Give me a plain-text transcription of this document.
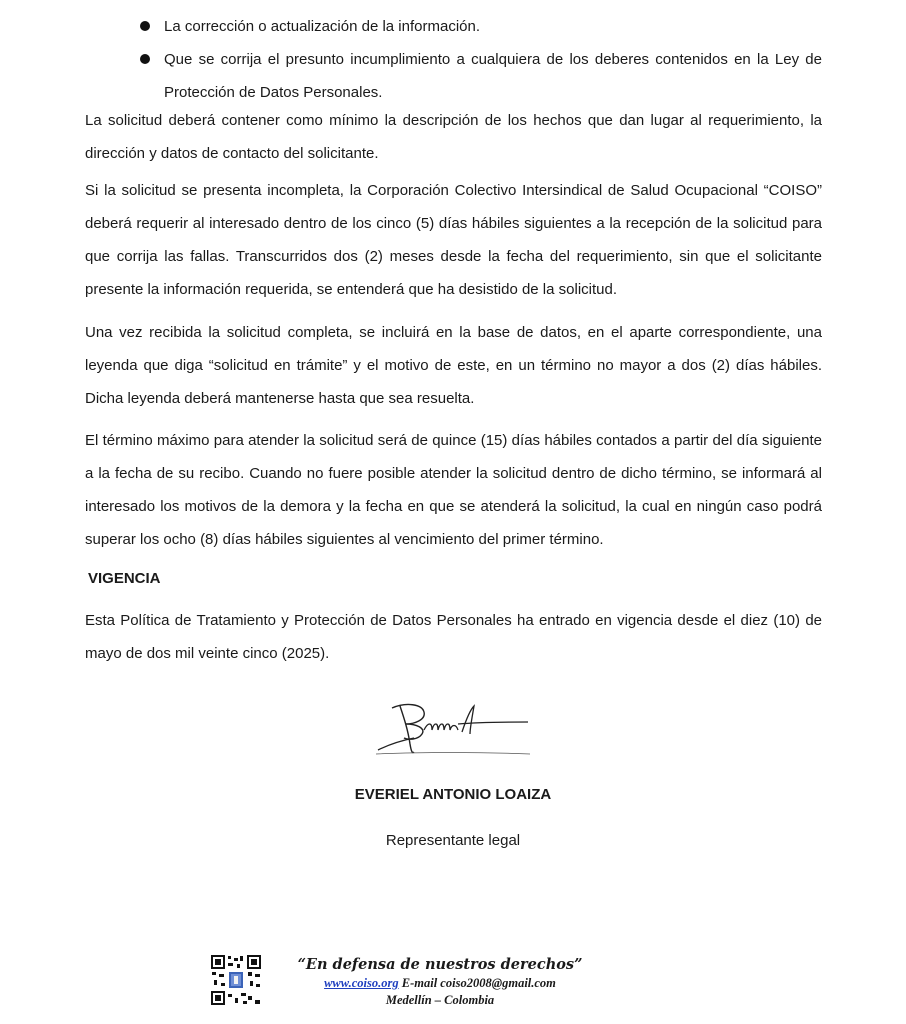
La corrección o actualización de la información.
Que se corrija el presunto incumplimiento a cualquiera de los deberes contenidos en la Ley de Protección de Datos Personales.

La solicitud deberá contener como mínimo la descripción de los hechos que dan lugar al requerimiento, la dirección y datos de contacto del solicitante.

Si la solicitud se presenta incompleta, la Corporación Colectivo Intersindical de Salud Ocupacional “COISO” deberá requerir al interesado dentro de los cinco (5) días hábiles siguientes a la recepción de la solicitud para que corrija las fallas. Transcurridos dos (2) meses desde la fecha del requerimiento, sin que el solicitante presente la información requerida, se entenderá que ha desistido de la solicitud.

Una vez recibida la solicitud completa, se incluirá en la base de datos, en el aparte correspondiente, una leyenda que diga “solicitud en trámite” y el motivo de este, en un término no mayor a dos (2) días hábiles. Dicha leyenda deberá mantenerse hasta que sea resuelta.

El término máximo para atender la solicitud será de quince (15) días hábiles contados a partir del día siguiente a la fecha de su recibo. Cuando no fuere posible atender la solicitud dentro de dicho término, se informará al interesado los motivos de la demora y la fecha en que se atenderá la solicitud, la cual en ningún caso podrá superar los ocho (8) días hábiles siguientes al vencimiento del primer término.

VIGENCIA

Esta Política de Tratamiento y Protección de Datos Personales ha entrado en vigencia desde el diez (10) de mayo de dos mil veinte cinco (2025).

EVERIEL ANTONIO LOAIZA

Representante legal

“En defensa de nuestros derechos”

www.coiso.org E-mail coiso2008@gmail.com

Medellín – Colombia
